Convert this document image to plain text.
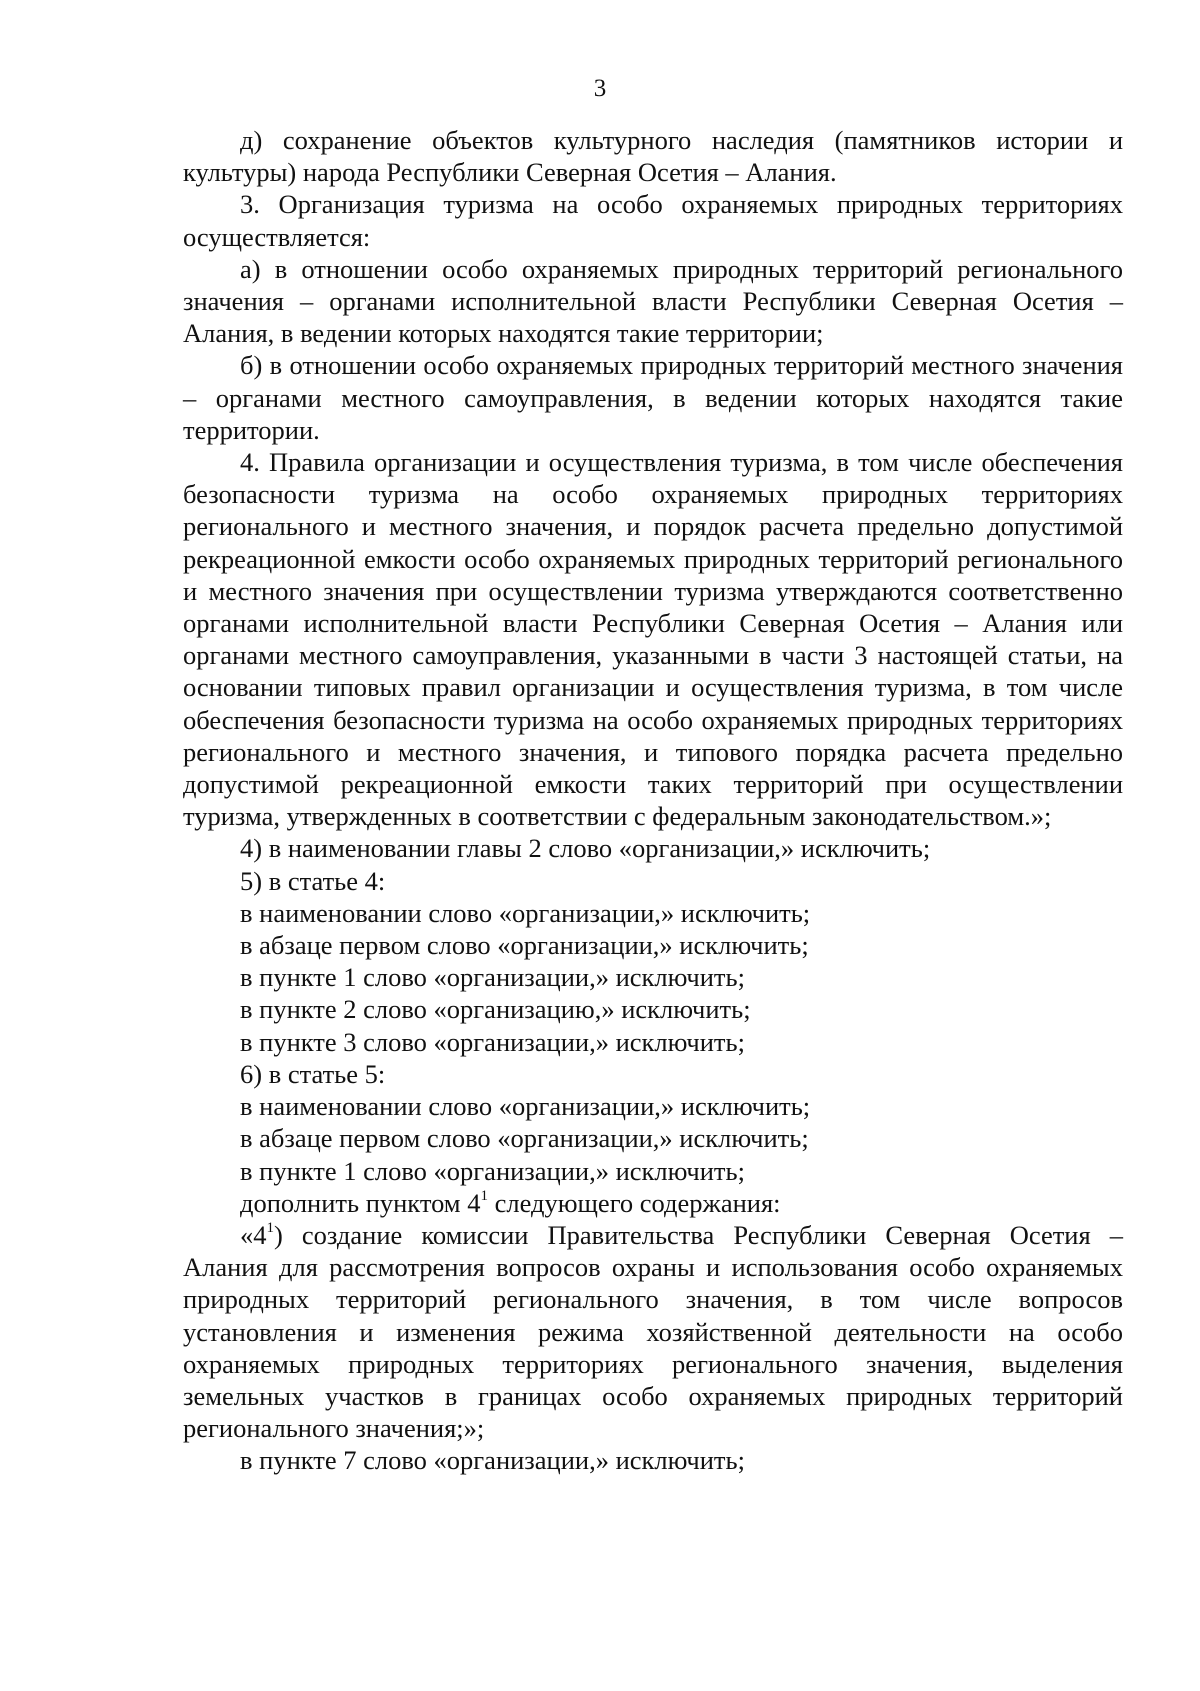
3

д) сохранение объектов культурного наследия (памятников истории и культуры) народа Республики Северная Осетия – Алания.

3. Организация туризма на особо охраняемых природных территориях осуществляется:

а) в отношении особо охраняемых природных территорий регионального значения – органами исполнительной власти Республики Северная Осетия – Алания, в ведении которых находятся такие территории;

б) в отношении особо охраняемых природных территорий местного значения – органами местного самоуправления, в ведении которых находятся такие территории.

4. Правила организации и осуществления туризма, в том числе обеспечения безопасности туризма на особо охраняемых природных территориях регионального и местного значения, и порядок расчета предельно допустимой рекреационной емкости особо охраняемых природных территорий регионального и местного значения при осуществлении туризма утверждаются соответственно органами исполнительной власти Республики Северная Осетия – Алания или органами местного самоуправления, указанными в части 3 настоящей статьи, на основании типовых правил организации и осуществления туризма, в том числе обеспечения безопасности туризма на особо охраняемых природных территориях регионального и местного значения, и типового порядка расчета предельно допустимой рекреационной емкости таких территорий при осуществлении туризма, утвержденных в соответствии с федеральным законодательством.»;

4) в наименовании главы 2 слово «организации,» исключить;

5) в статье 4:

в наименовании слово «организации,» исключить;

в абзаце первом слово «организации,» исключить;

в пункте 1 слово «организации,» исключить;

в пункте 2 слово «организацию,» исключить;

в пункте 3 слово «организации,» исключить;

6) в статье 5:

в наименовании слово «организации,» исключить;

в абзаце первом слово «организации,» исключить;

в пункте 1 слово «организации,» исключить;

дополнить пунктом $4^1$ следующего содержания:

«$4^1$) создание комиссии Правительства Республики Северная Осетия – Алания для рассмотрения вопросов охраны и использования особо охраняемых природных территорий регионального значения, в том числе вопросов установления и изменения режима хозяйственной деятельности на особо охраняемых природных территориях регионального значения, выделения земельных участков в границах особо охраняемых природных территорий регионального значения;»;

в пункте 7 слово «организации,» исключить;
